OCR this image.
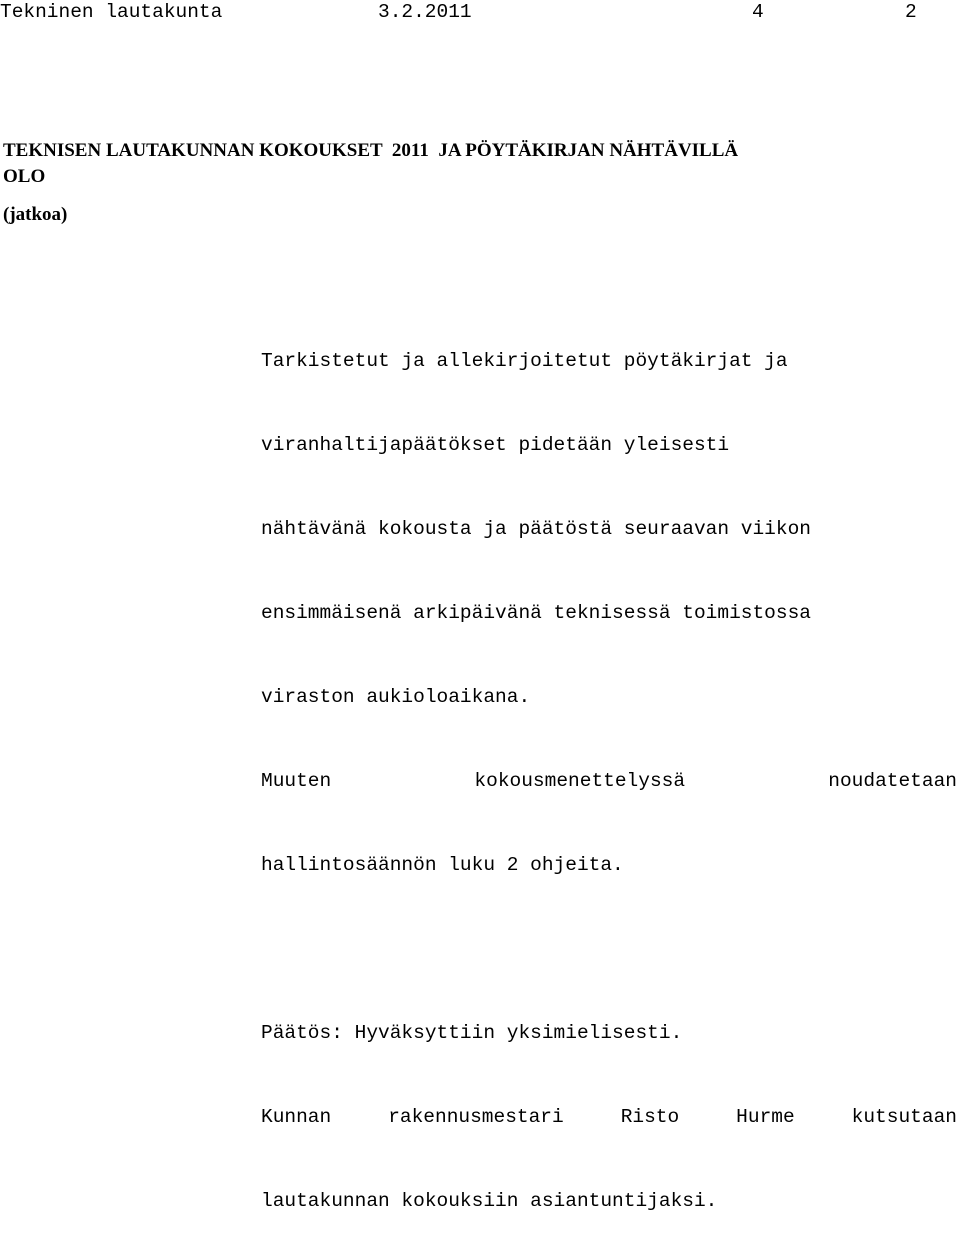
Tekninen lautakunta

	3.2.2011

	4

	2

TEKNISEN LAUTAKUNNAN KOKOUKSET  2011  JA PÖYTÄKIRJAN NÄHTÄVILLÄ
OLO
(jatkoa)

Tarkistetut ja allekirjoitetut pöytäkirjat ja

viranhaltijapäätökset pidetään yleisesti

nähtävänä kokousta ja päätöstä seuraavan viikon

ensimmäisenä arkipäivänä teknisessä toimistossa

viraston aukioloaikana.

Muuten	kokousmenettelyssä	noudatetaan

hallintosäännön luku 2 ohjeita.

Päätös: Hyväksyttiin yksimielisesti.

Kunnan	rakennusmestari	Risto	Hurme	kutsutaan

lautakunnan kokouksiin asiantuntijaksi.
